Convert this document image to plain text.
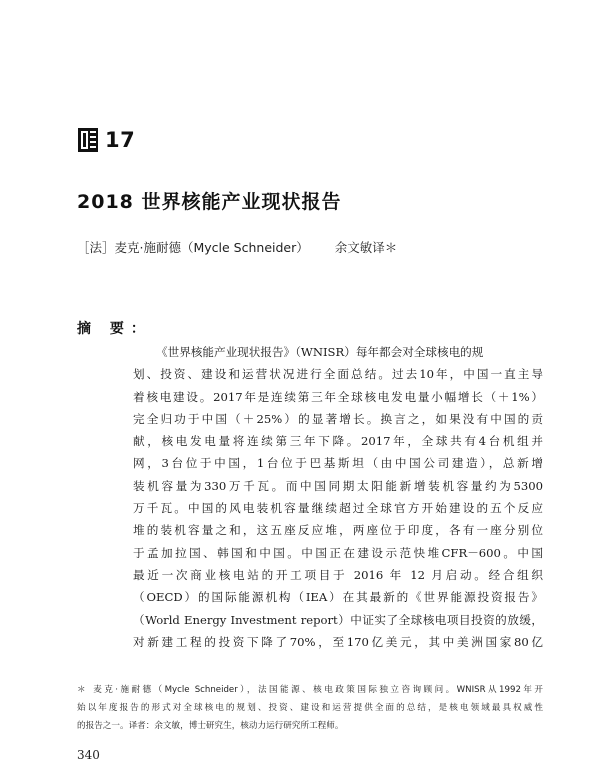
17
2018 世界核能产业现状报告
［法］麦克·施耐德（Mycle Schneider） 余文敏译＊
摘 要：
《世界核能产业现状报告》（WNISR）每年都会对全球核电的规
划、投资、建设和运营状况进行全面总结。过去10年，中国一直主导
着核电建设。2017年是连续第三年全球核电发电量小幅增长（＋1%）
完全归功于中国（＋25%）的显著增长。换言之，如果没有中国的贡
献，核电发电量将连续第三年下降。2017年，全球共有4台机组并
网，3台位于中国，1台位于巴基斯坦（由中国公司建造），总新增
装机容量为330万千瓦。而中国同期太阳能新增装机容量约为5300
万千瓦。中国的风电装机容量继续超过全球官方开始建设的五个反应
堆的装机容量之和，这五座反应堆，两座位于印度，各有一座分别位
于孟加拉国、韩国和中国。中国正在建设示范快堆CFR－600。中国
最近一次商业核电站的开工项目于 2016 年 12 月启动。经合组织
（OECD）的国际能源机构（IEA）在其最新的《世界能源投资报告》
（World Energy Investment report）中证实了全球核电项目投资的放缓，
对新建工程的投资下降了70%，至170亿美元，其中美洲国家80亿
＊ 麦克·施耐德（Mycle Schneider），法国能源、核电政策国际独立咨询顾问。WNISR从1992年开
始以年度报告的形式对全球核电的规划、投资、建设和运营提供全面的总结，是核电领域最具权威性
的报告之一。译者：余文敏，博士研究生，核动力运行研究所工程师。
340
